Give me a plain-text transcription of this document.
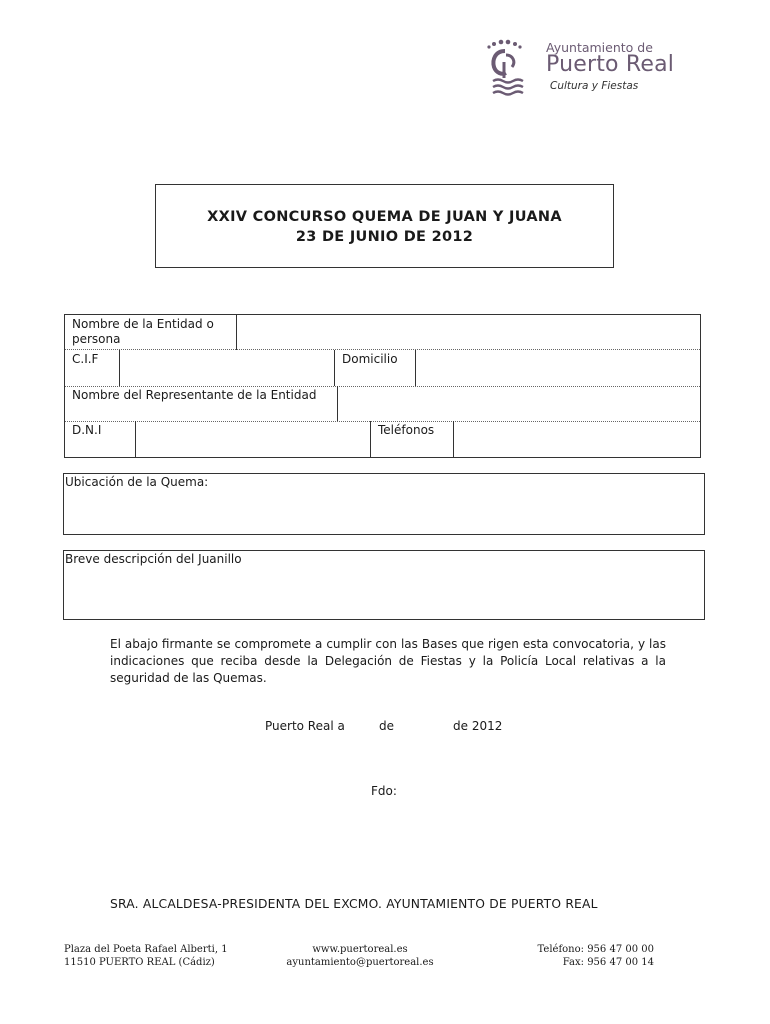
Ayuntamiento de
Puerto Real
Cultura y Fiestas
XXIV CONCURSO QUEMA DE JUAN Y JUANA
23 DE JUNIO DE 2012
Nombre de la Entidad o persona
C.I.F	Domicilio
Nombre del Representante de la Entidad
D.N.I	Teléfonos
Ubicación de la Quema:
Breve descripción del Juanillo
El abajo firmante se compromete a cumplir con las Bases que rigen esta convocatoria, y las indicaciones que reciba desde la Delegación de Fiestas y la Policía Local relativas a la seguridad de las Quemas.
Puerto Real a	de	de 2012
Fdo:
SRA. ALCALDESA-PRESIDENTA DEL EXCMO. AYUNTAMIENTO DE PUERTO REAL
Plaza del Poeta Rafael Alberti, 1
11510 PUERTO REAL (Cádiz)
www.puertoreal.es
ayuntamiento@puertoreal.es
Teléfono: 956 47 00 00
Fax: 956 47 00 14
